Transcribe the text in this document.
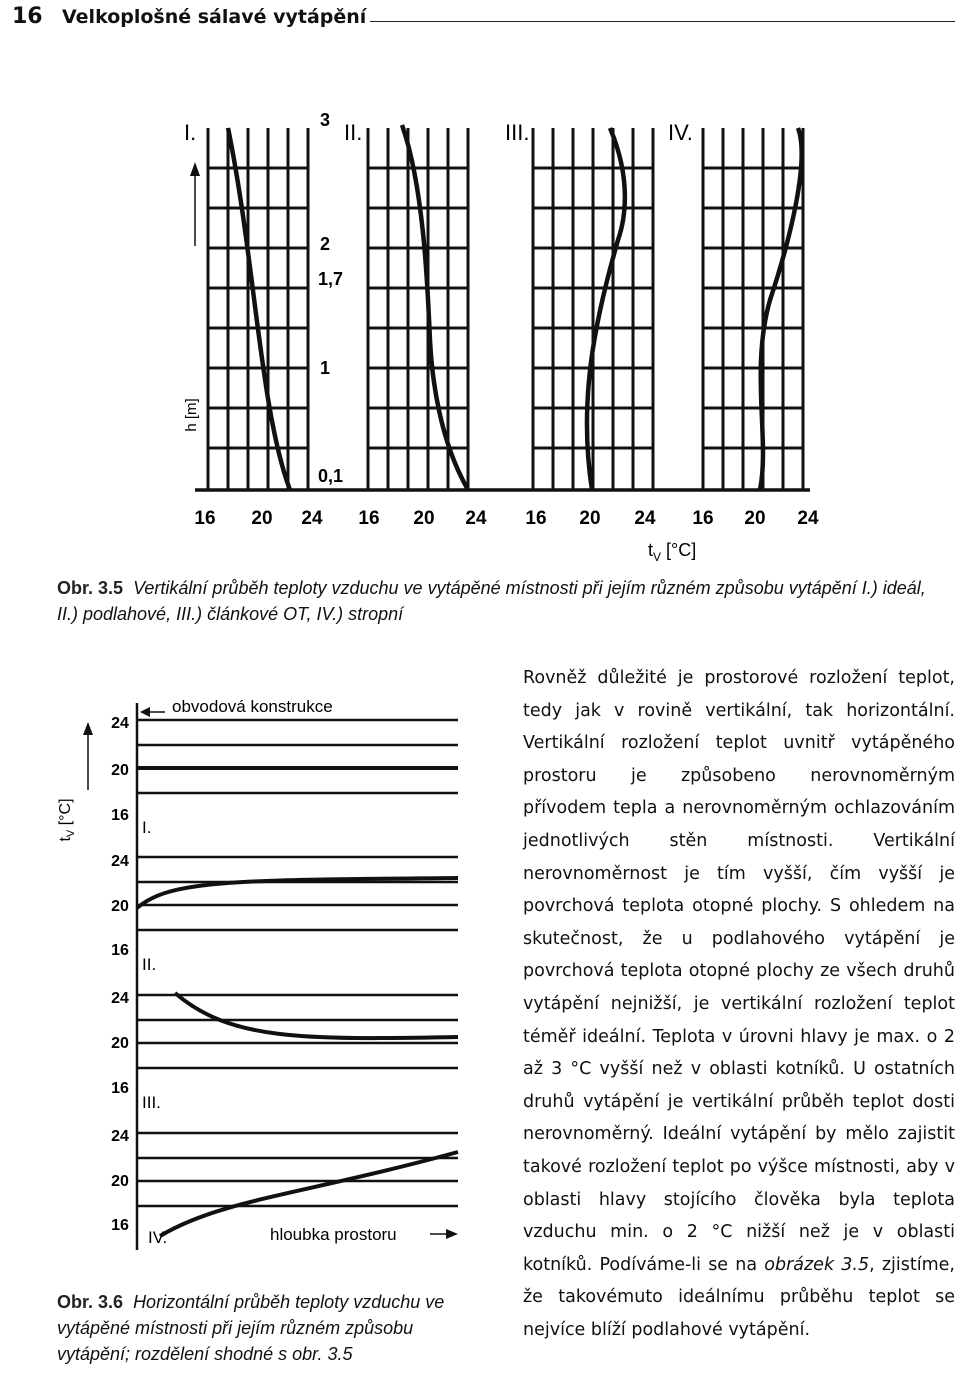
16 Velkoplošné sálavé vytápění
h [m]
I.	II.	III.	IV.
3
2
1,7
1
0,1
16 20 24 16 20 24 16 20 24 16 20 24
$t_V$ [°C]
Obr. 3.5 Vertikální průběh teploty vzduchu ve vytápěné místnosti při jejím různém způsobu vytápění I.) ideál, II.) podlahové, III.) článkové OT, IV.) stropní
$t_V$ [°C]
obvodová konstrukce
24
20
16
24
20
16
24
20
16
24
20
16
I.
II.
III.
IV.	hloubka prostoru
Obr. 3.6 Horizontální průběh teploty vzduchu ve vytápěné místnosti při jejím různém způsobu vytápění; rozdělení shodné s obr. 3.5
Rovněž důležité je prostorové rozložení teplot, tedy jak v rovině vertikální, tak horizontální. Vertikální rozložení teplot uvnitř vytápěného prostoru je způsobeno nerovnoměrným přívodem tepla a nerovnoměrným ochlazováním jednotlivých stěn místnosti. Vertikální nerovnoměrnost je tím vyšší, čím vyšší je povrchová teplota otopné plochy. S ohledem na skutečnost, že u podlahového vytápění je povrchová teplota otopné plochy ze všech druhů vytápění nejnižší, je vertikální rozložení teplot téměř ideální. Teplota v úrovni hlavy je max. o 2 až 3 °C vyšší než v oblasti kotníků. U ostatních druhů vytápění je vertikální průběh teplot dosti nerovnoměrný. Ideální vytápění by mělo zajistit takové rozložení teplot po výšce místnosti, aby v oblasti hlavy stojícího člověka byla teplota vzduchu min. o 2 °C nižší než je v oblasti kotníků. Podíváme-li se na obrázek 3.5, zjistíme, že takovémuto ideálnímu průběhu teplot se nejvíce blíží podlahové vytápění.
